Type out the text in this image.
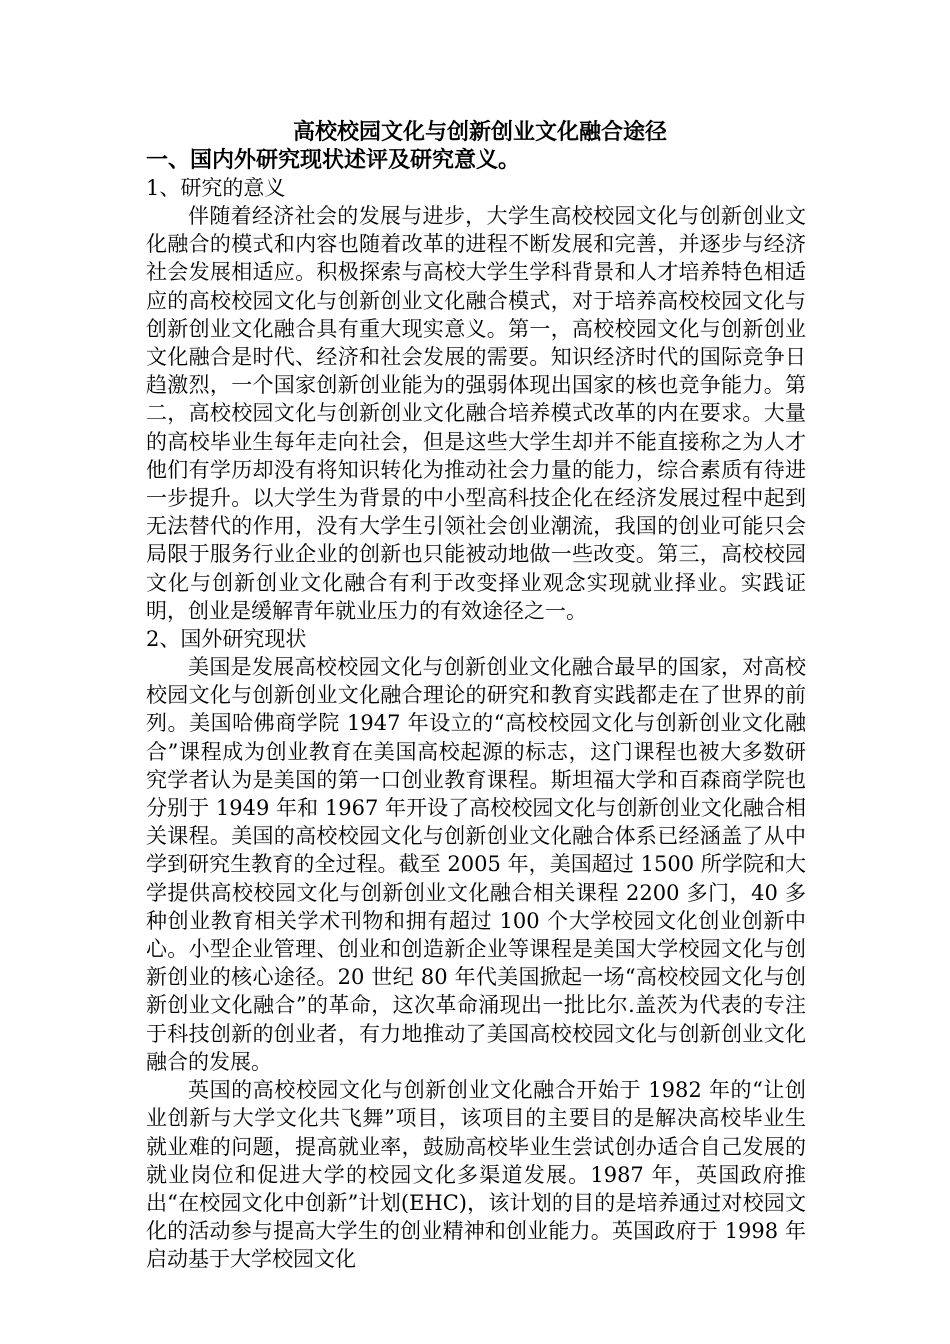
高校校园文化与创新创业文化融合途径

一、国内外研究现状述评及研究意义。

1、研究的意义

伴随着经济社会的发展与进步，大学生高校校园文化与创新创业文化融合的模式和内容也随着改革的进程不断发展和完善，并逐步与经济社会发展相适应。积极探索与高校大学生学科背景和人才培养特色相适应的高校校园文化与创新创业文化融合模式，对于培养高校校园文化与创新创业文化融合具有重大现实意义。第一，高校校园文化与创新创业文化融合是时代、经济和社会发展的需要。知识经济时代的国际竞争日趋激烈，一个国家创新创业能为的强弱体现出国家的核也竞争能力。第二，高校校园文化与创新创业文化融合培养模式改革的内在要求。大量的高校毕业生每年走向社会，但是这些大学生却并不能直接称之为人才他们有学历却没有将知识转化为推动社会力量的能力，综合素质有待进一步提升。以大学生为背景的中小型高科技企化在经济发展过程中起到无法替代的作用，没有大学生引领社会创业潮流，我国的创业可能只会局限于服务行业企业的创新也只能被动地做一些改变。第三，高校校园文化与创新创业文化融合有利于改变择业观念实现就业择业。实践证明，创业是缓解青年就业压力的有效途径之一。

2、国外研究现状

美国是发展高校校园文化与创新创业文化融合最早的国家，对高校校园文化与创新创业文化融合理论的研究和教育实践都走在了世界的前列。美国哈佛商学院 1947 年设立的“高校校园文化与创新创业文化融合”课程成为创业教育在美国高校起源的标志，这门课程也被大多数研究学者认为是美国的第一口创业教育课程。斯坦福大学和百森商学院也分别于 1949 年和 1967 年开设了高校校园文化与创新创业文化融合相关课程。美国的高校校园文化与创新创业文化融合体系已经涵盖了从中学到研究生教育的全过程。截至 2005 年，美国超过 1500 所学院和大学提供高校校园文化与创新创业文化融合相关课程 2200 多门，40 多种创业教育相关学术刊物和拥有超过 100 个大学校园文化创业创新中心。小型企业管理、创业和创造新企业等课程是美国大学校园文化与创新创业的核心途径。20 世纪 80 年代美国掀起一场“高校校园文化与创新创业文化融合”的革命，这次革命涌现出一批比尔.盖茨为代表的专注于科技创新的创业者，有力地推动了美国高校校园文化与创新创业文化融合的发展。

英国的高校校园文化与创新创业文化融合开始于 1982 年的“让创业创新与大学文化共飞舞”项目，该项目的主要目的是解决高校毕业生就业难的问题，提高就业率，鼓励高校毕业生尝试创办适合自己发展的就业岗位和促进大学的校园文化多渠道发展。1987 年，英国政府推出“在校园文化中创新”计划(EHC)，该计划的目的是培养通过对校园文化的活动参与提高大学生的创业精神和创业能力。英国政府于 1998 年启动基于大学校园文化
